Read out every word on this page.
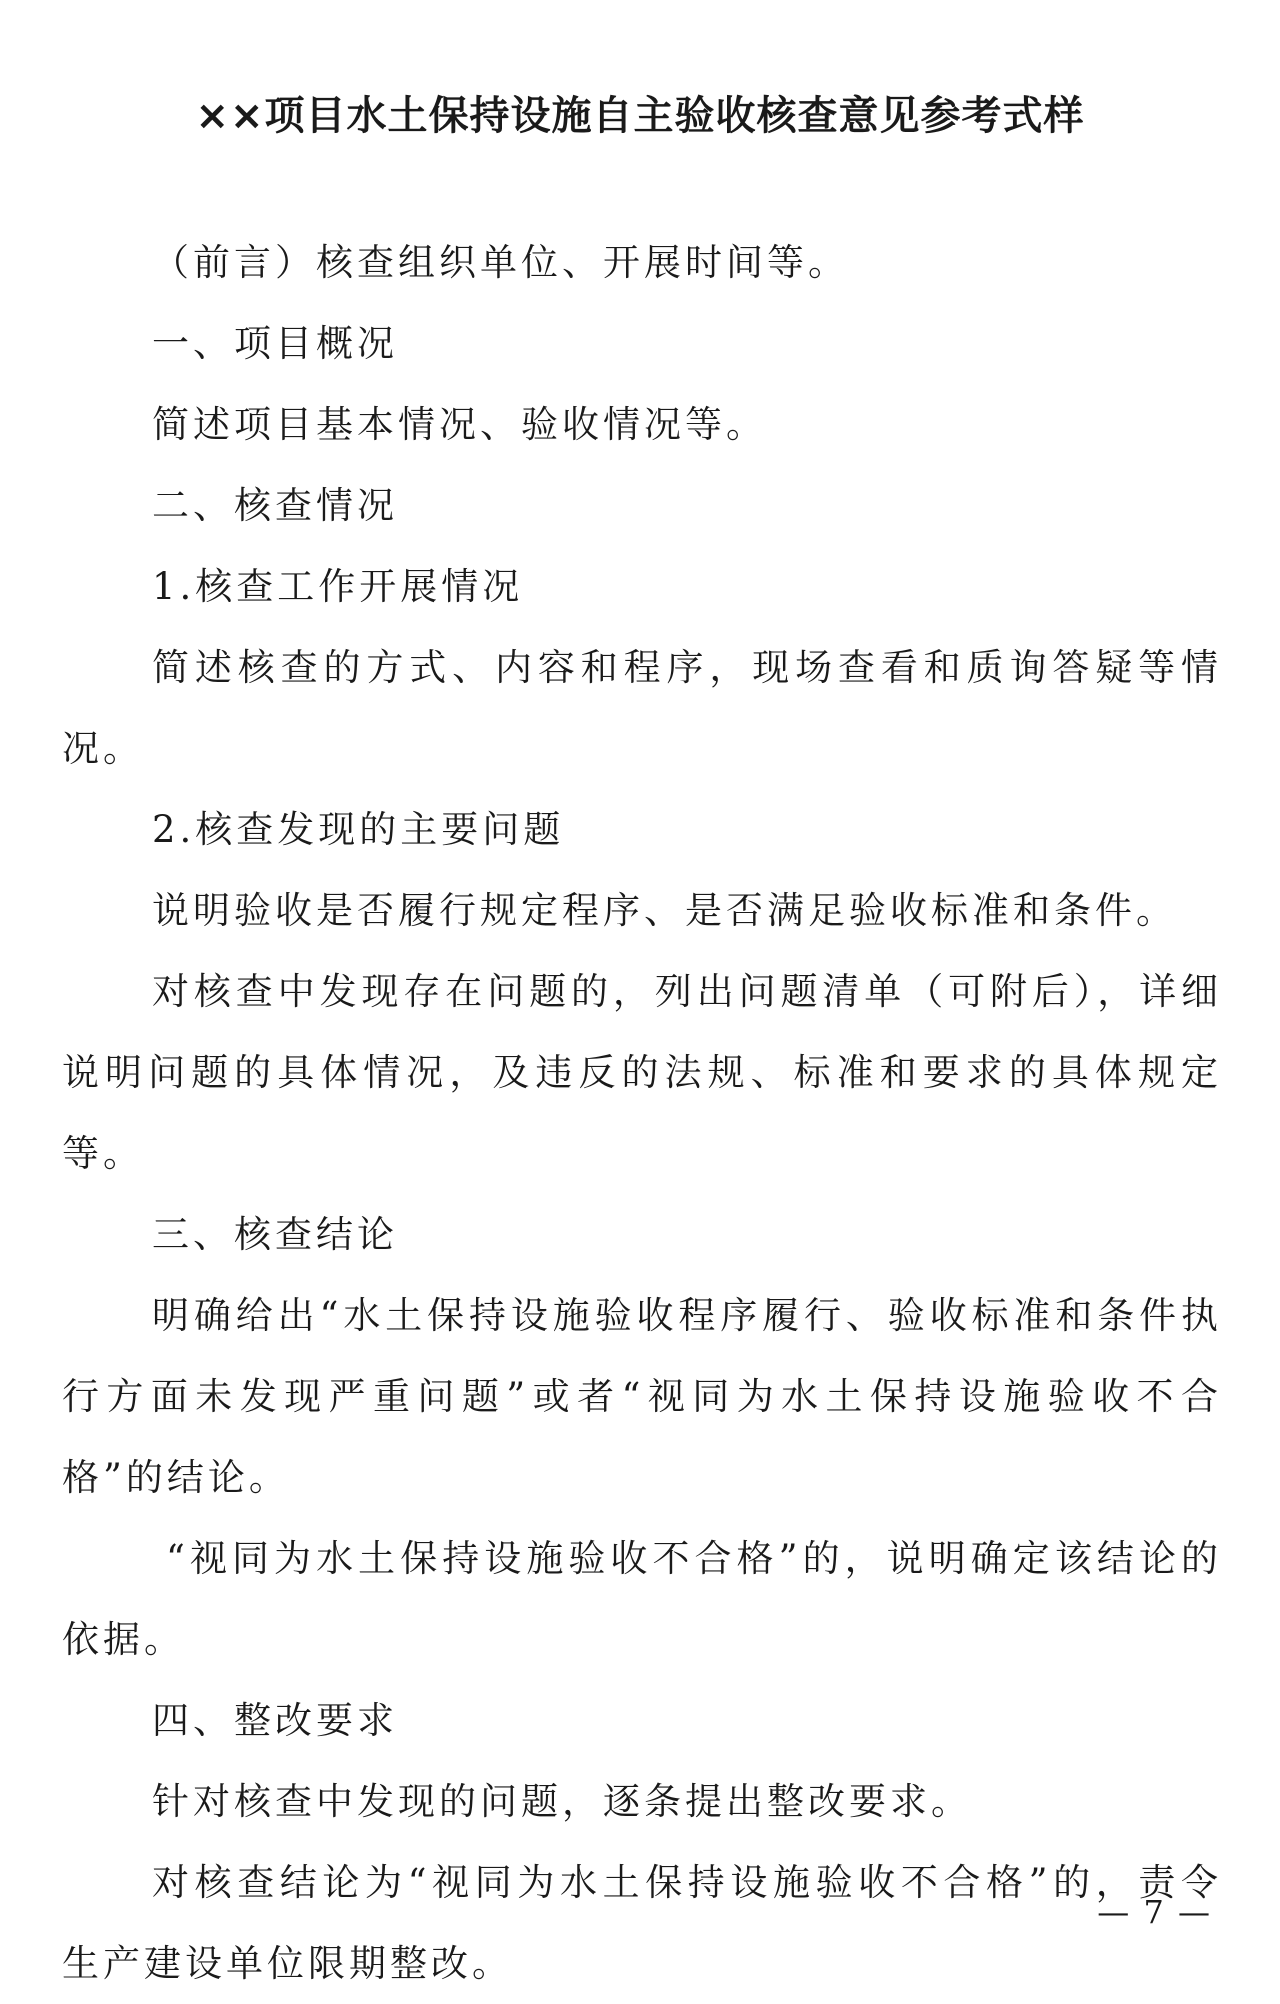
××项目水土保持设施自主验收核查意见参考式样

（前言）核查组织单位、开展时间等。

一、项目概况

简述项目基本情况、验收情况等。

二、核查情况

1.核查工作开展情况

简述核查的方式、内容和程序，现场查看和质询答疑等情况。

2.核查发现的主要问题

说明验收是否履行规定程序、是否满足验收标准和条件。

对核查中发现存在问题的，列出问题清单（可附后），详细说明问题的具体情况，及违反的法规、标准和要求的具体规定等。

三、核查结论

明确给出“水土保持设施验收程序履行、验收标准和条件执行方面未发现严重问题”或者“视同为水土保持设施验收不合格”的结论。

“视同为水土保持设施验收不合格”的，说明确定该结论的依据。

四、整改要求

针对核查中发现的问题，逐条提出整改要求。

对核查结论为“视同为水土保持设施验收不合格”的，责令生产建设单位限期整改。

— 7 —
